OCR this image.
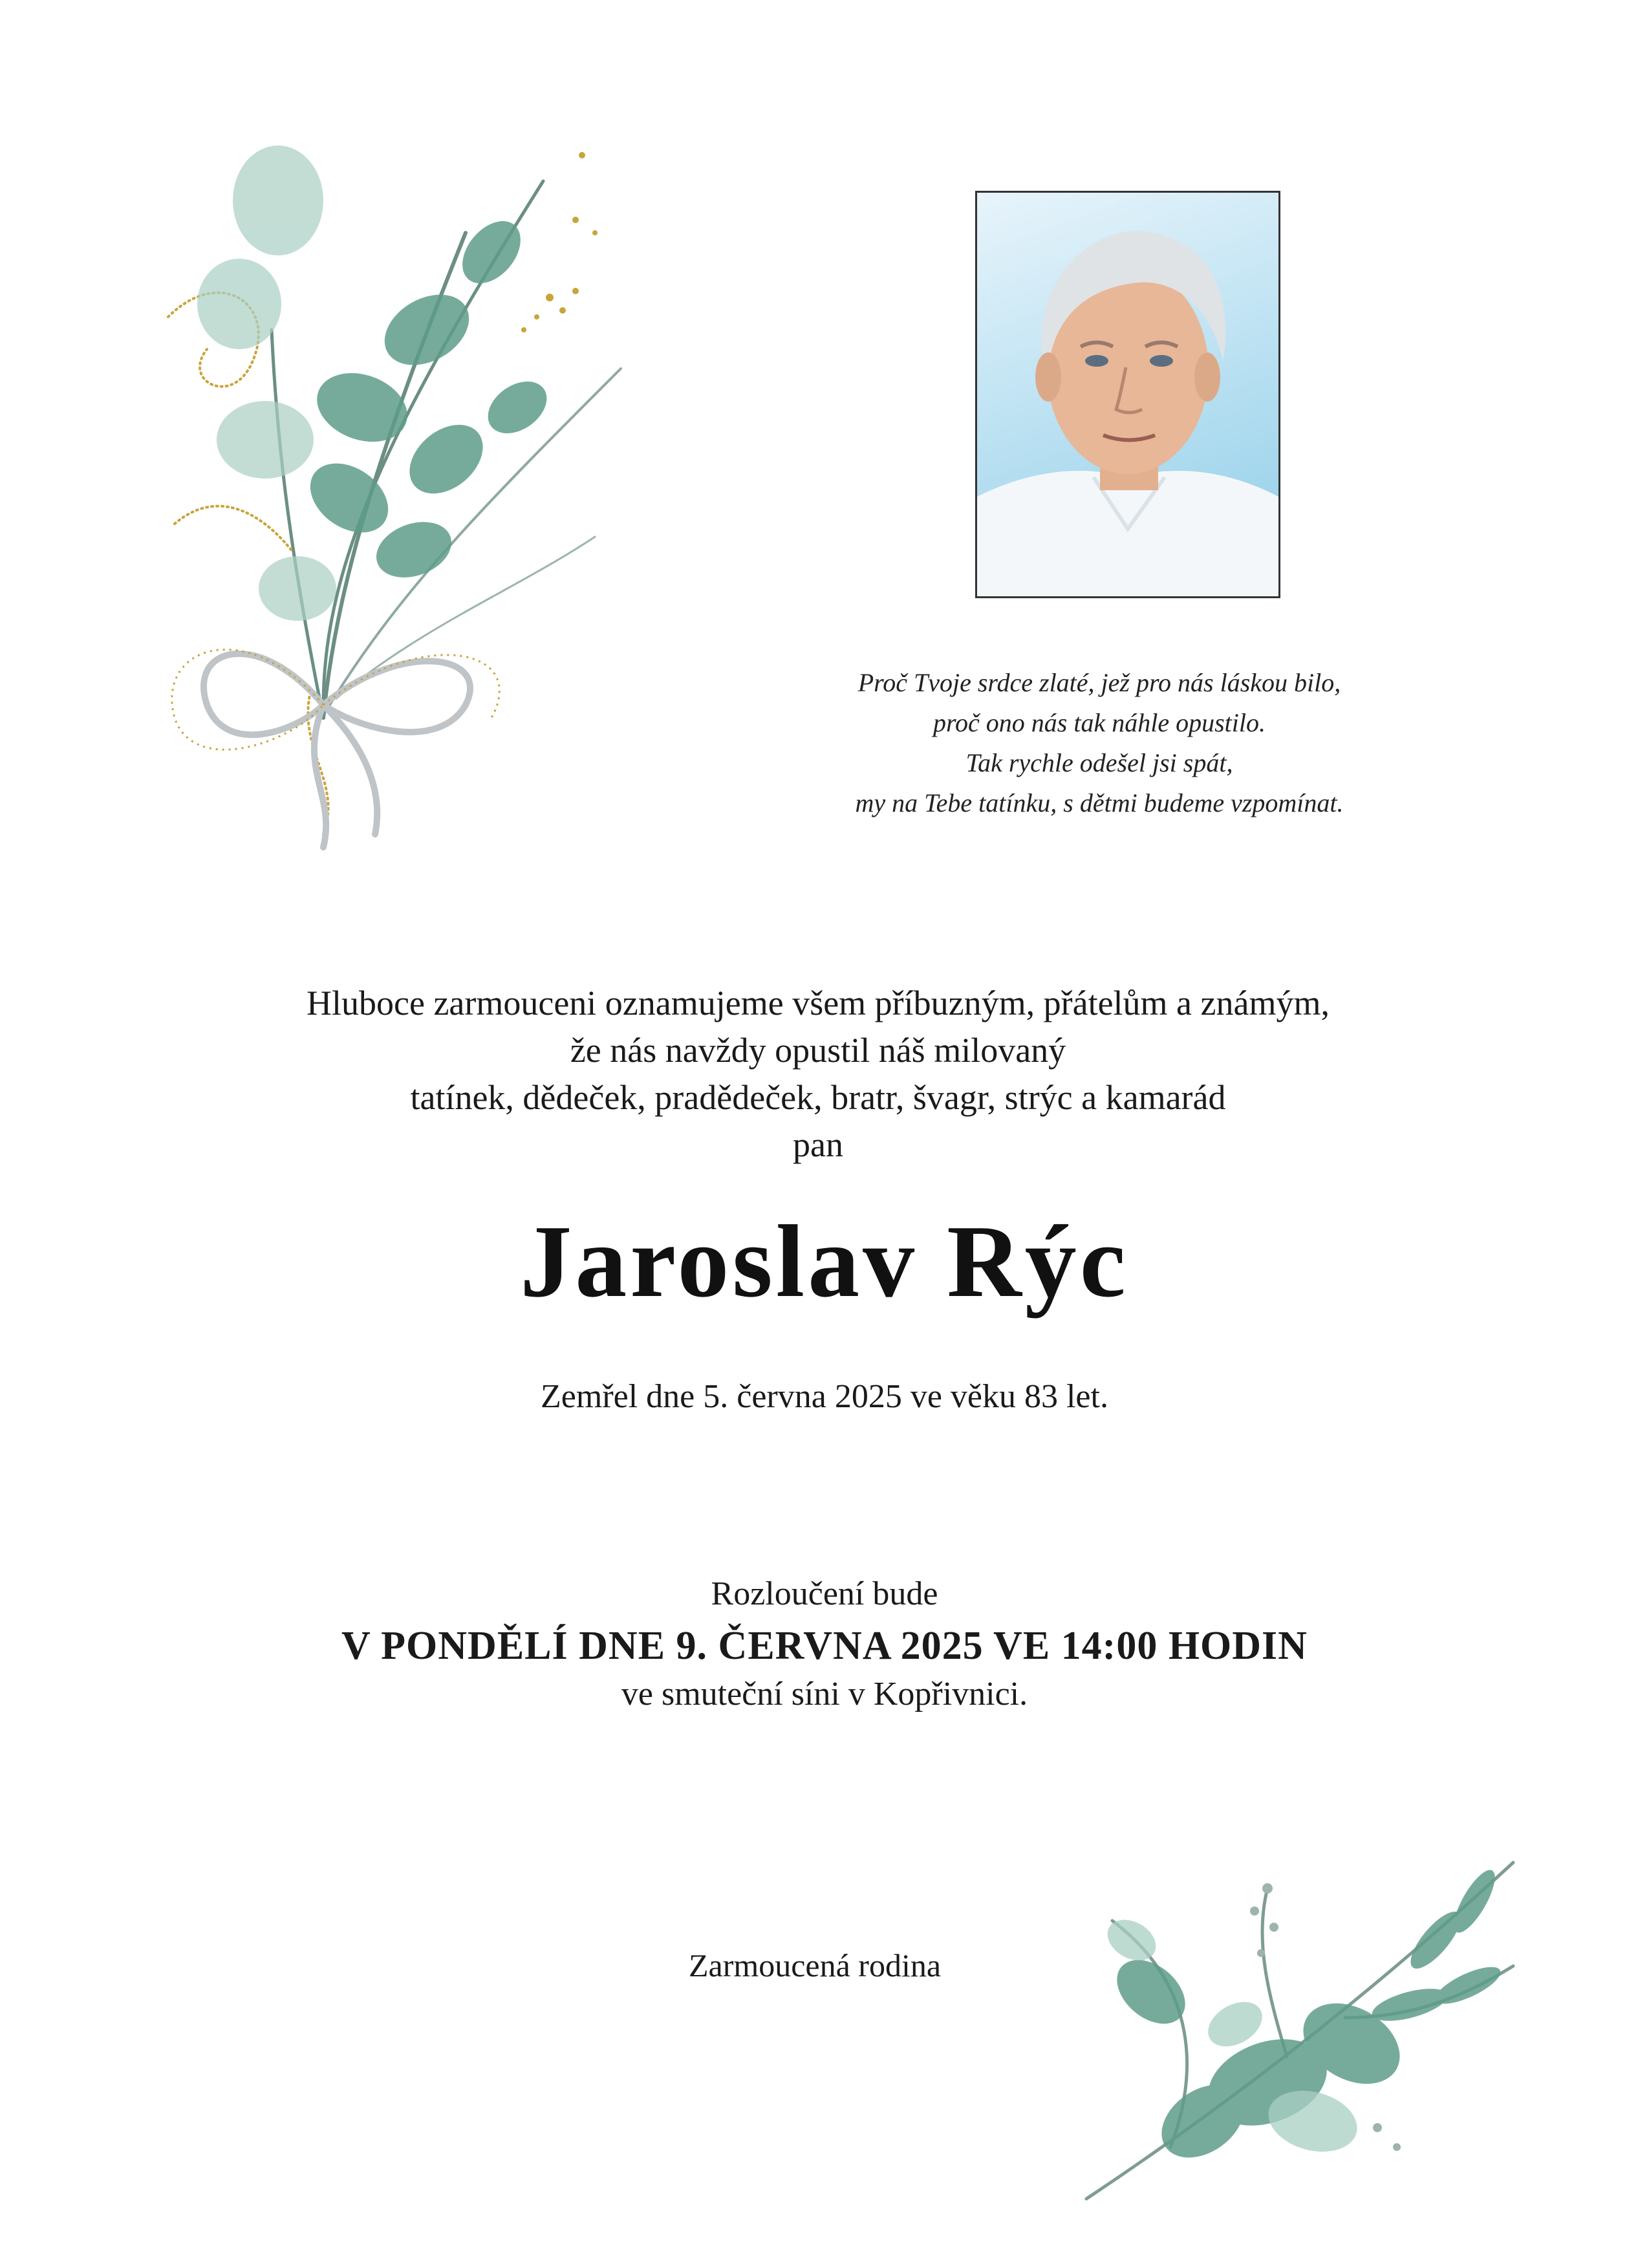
Proč Tvoje srdce zlaté, jež pro nás láskou bilo,
proč ono nás tak náhle opustilo.
Tak rychle odešel jsi spát,
my na Tebe tatínku, s dětmi budeme vzpomínat.
Hluboce zarmouceni oznamujeme všem příbuzným, přátelům a známým,
že nás navždy opustil náš milovaný
tatínek, dědeček, pradědeček, bratr, švagr, strýc a kamarád
pan
Jaroslav Rýc
Zemřel dne 5. června 2025 ve věku 83 let.
Rozloučení bude
V PONDĚLÍ DNE 9. ČERVNA 2025 VE 14:00 HODIN
ve smuteční síni v Kopřivnici.
Zarmoucená rodina
